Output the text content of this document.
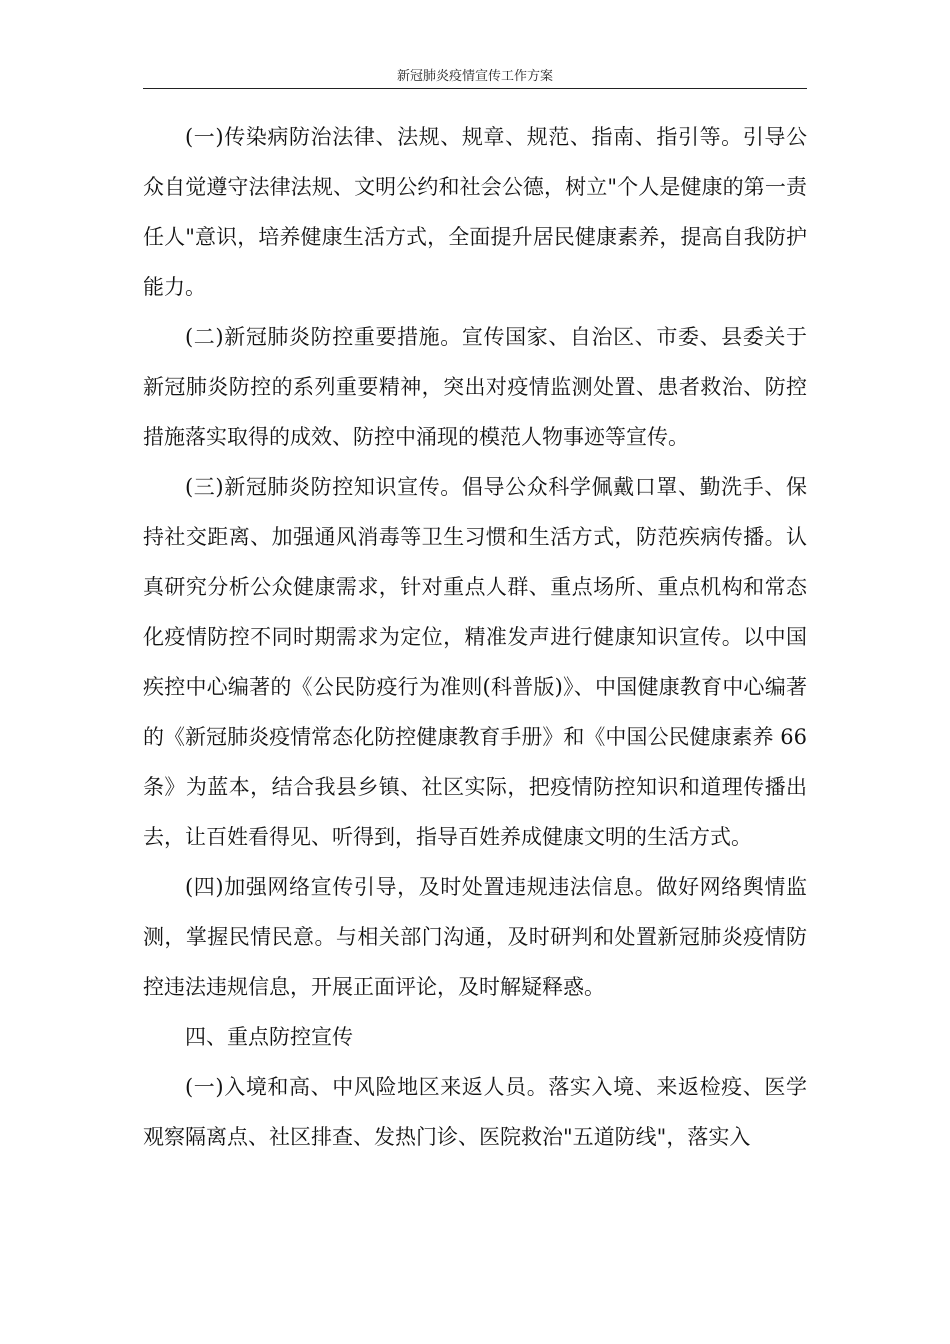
新冠肺炎疫情宣传工作方案

(一)传染病防治法律、法规、规章、规范、指南、指引等。引导公众自觉遵守法律法规、文明公约和社会公德，树立"个人是健康的第一责任人"意识，培养健康生活方式，全面提升居民健康素养，提高自我防护能力。

(二)新冠肺炎防控重要措施。宣传国家、自治区、市委、县委关于新冠肺炎防控的系列重要精神，突出对疫情监测处置、患者救治、防控措施落实取得的成效、防控中涌现的模范人物事迹等宣传。

(三)新冠肺炎防控知识宣传。倡导公众科学佩戴口罩、勤洗手、保持社交距离、加强通风消毒等卫生习惯和生活方式，防范疾病传播。认真研究分析公众健康需求，针对重点人群、重点场所、重点机构和常态化疫情防控不同时期需求为定位，精准发声进行健康知识宣传。以中国疾控中心编著的《公民防疫行为准则(科普版)》、中国健康教育中心编著的《新冠肺炎疫情常态化防控健康教育手册》和《中国公民健康素养 66 条》为蓝本，结合我县乡镇、社区实际，把疫情防控知识和道理传播出去，让百姓看得见、听得到，指导百姓养成健康文明的生活方式。

(四)加强网络宣传引导，及时处置违规违法信息。做好网络舆情监测，掌握民情民意。与相关部门沟通，及时研判和处置新冠肺炎疫情防控违法违规信息，开展正面评论，及时解疑释惑。

四、重点防控宣传

(一)入境和高、中风险地区来返人员。落实入境、来返检疫、医学观察隔离点、社区排查、发热门诊、医院救治"五道防线"，落实入
